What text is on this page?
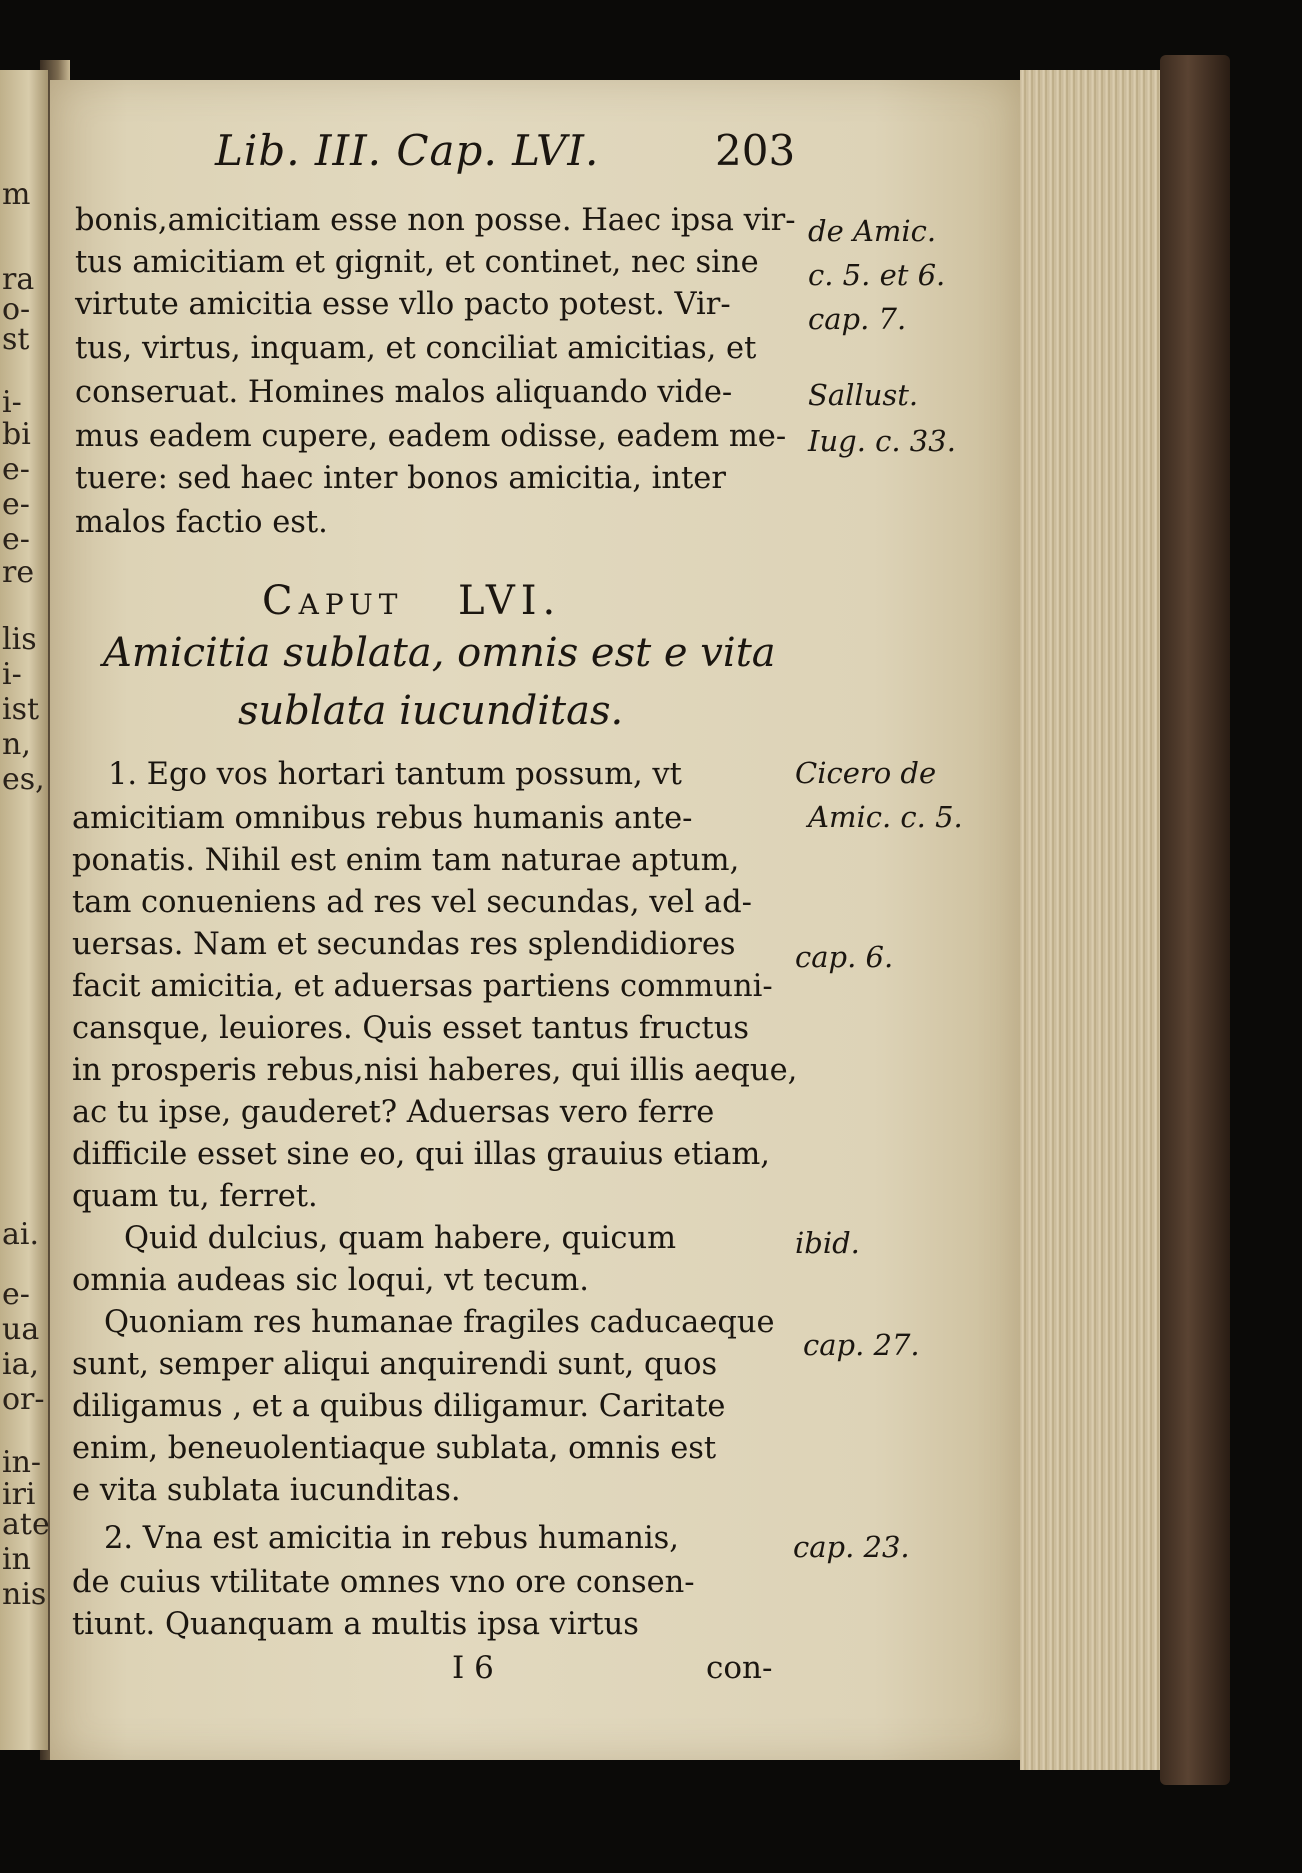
m
ra
o-
st
i-
bi
e-
e-
e-
re
lis
i-
ist
n,
es,
ai.
e-
ua
ia,
or-
in-
iri
ate
in
nis
Lib. III. Cap. LVI.	203
bonis,amicitiam esse non posse. Haec ipsa vir-
tus amicitiam et gignit, et continet, nec sine
virtute amicitia esse vllo pacto potest. Vir-
tus, virtus, inquam, et conciliat amicitias, et
conseruat. Homines malos aliquando vide-
mus eadem cupere, eadem odisse, eadem me-
tuere: sed haec inter bonos amicitia, inter
malos factio est.
Caput LVI.
Amicitia sublata, omnis est e vita
sublata iucunditas.
1. Ego vos hortari tantum possum, vt
amicitiam omnibus rebus humanis ante-
ponatis. Nihil est enim tam naturae aptum,
tam conueniens ad res vel secundas, vel ad-
uersas. Nam et secundas res splendidiores
facit amicitia, et aduersas partiens communi-
cansque, leuiores. Quis esset tantus fructus
in prosperis rebus,nisi haberes, qui illis aeque,
ac tu ipse, gauderet? Aduersas vero ferre
difficile esset sine eo, qui illas grauius etiam,
quam tu, ferret.
Quid dulcius, quam habere, quicum
omnia audeas sic loqui, vt tecum.
Quoniam res humanae fragiles caducaeque
sunt, semper aliqui anquirendi sunt, quos
diligamus , et a quibus diligamur. Caritate
enim, beneuolentiaque sublata, omnis est
e vita sublata iucunditas.
2. Vna est amicitia in rebus humanis,
de cuius vtilitate omnes vno ore consen-
tiunt. Quanquam a multis ipsa virtus
I 6	con-
de Amic.
c. 5. et 6.
cap. 7.
Sallust.
Iug. c. 33.
Cicero de
Amic. c. 5.
cap. 6.
ibid.
cap. 27.
cap. 23.
